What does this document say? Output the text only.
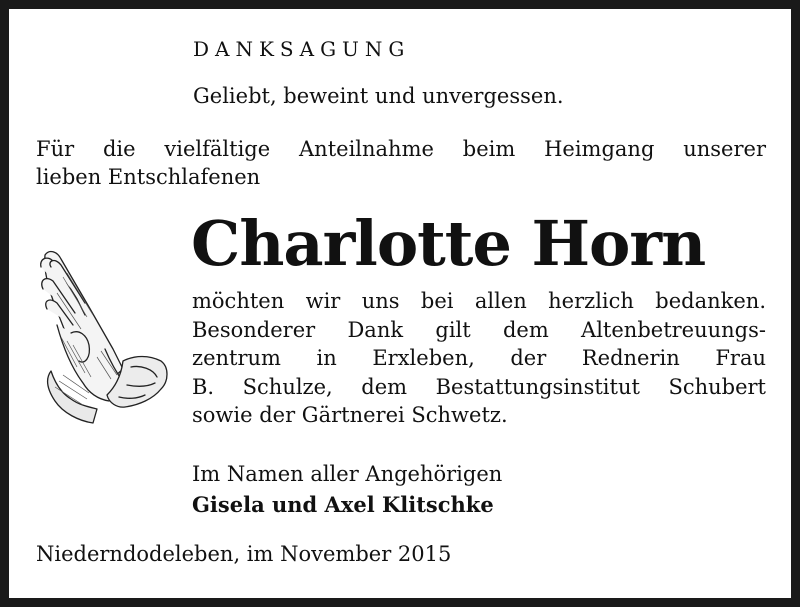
DANKSAGUNG

Geliebt, beweint und unvergessen.

Für die vielfältige Anteilnahme beim Heimgang unserer
lieben Entschlafenen

Charlotte Horn

möchten wir uns bei allen herzlich bedanken.
Besonderer Dank gilt dem Altenbetreuungs-
zentrum in Erxleben, der Rednerin Frau
B. Schulze, dem Bestattungsinstitut Schubert
sowie der Gärtnerei Schwetz.

Im Namen aller Angehörigen

Gisela und Axel Klitschke

Niederndodeleben, im November 2015
